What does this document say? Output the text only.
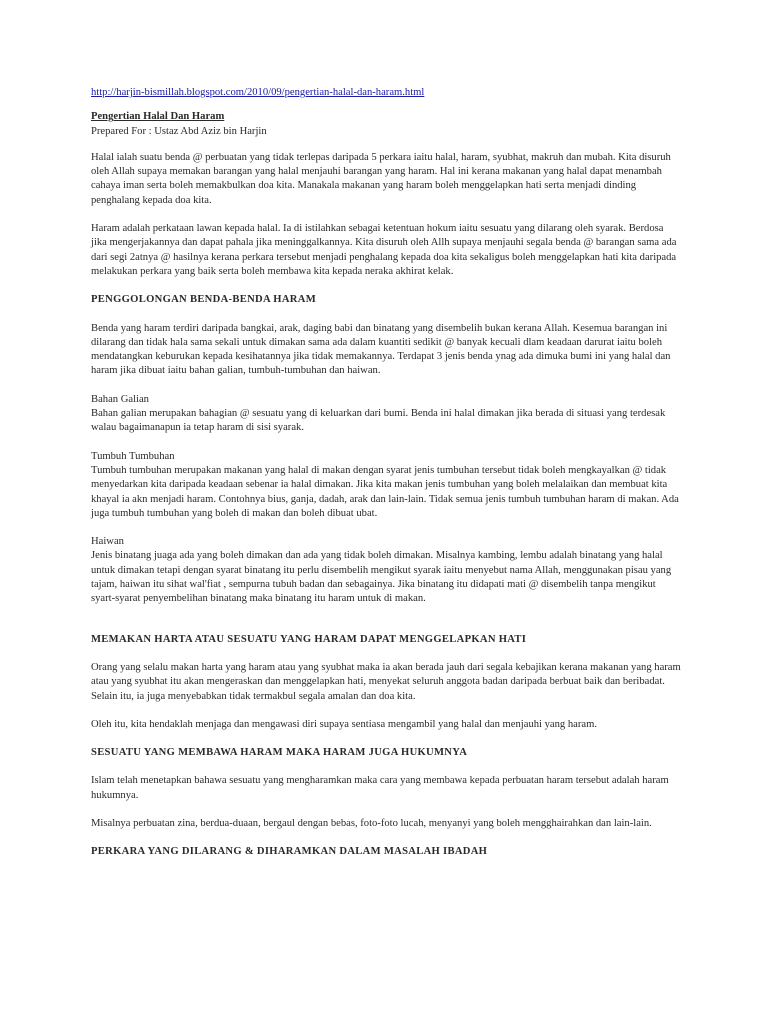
http://harjin-bismillah.blogspot.com/2010/09/pengertian-halal-dan-haram.html
Pengertian Halal Dan Haram
Prepared For : Ustaz Abd Aziz bin Harjin

Halal ialah suatu benda @ perbuatan yang tidak terlepas daripada 5 perkara iaitu halal, haram, syubhat, makruh dan mubah. Kita disuruh oleh Allah supaya memakan barangan yang halal menjauhi barangan yang haram. Hal ini kerana makanan yang halal dapat menambah cahaya iman serta boleh memakbulkan doa kita. Manakala makanan yang haram boleh menggelapkan hati serta menjadi dinding penghalang kepada doa kita.

Haram adalah perkataan lawan kepada halal. Ia di istilahkan sebagai ketentuan hokum iaitu sesuatu yang dilarang oleh syarak. Berdosa jika mengerjakannya dan dapat pahala jika meninggalkannya. Kita disuruh oleh Allh supaya menjauhi segala benda @ barangan sama ada dari segi 2atnya @ hasilnya kerana perkara tersebut menjadi penghalang kepada doa kita sekaligus boleh menggelapkan hati kita daripada melakukan perkara yang baik serta boleh membawa kita kepada neraka akhirat kelak.

PENGGOLONGAN BENDA-BENDA HARAM

Benda yang haram terdiri daripada bangkai, arak, daging babi dan binatang yang disembelih bukan kerana Allah. Kesemua barangan ini dilarang dan tidak hala sama sekali untuk dimakan sama ada dalam kuantiti sedikit @ banyak kecuali dlam keadaan darurat iaitu boleh mendatangkan keburukan kepada kesihatannya jika tidak memakannya. Terdapat 3 jenis benda ynag ada dimuka bumi ini yang halal dan haram jika dibuat iaitu bahan galian, tumbuh-tumbuhan dan haiwan.

Bahan Galian

Bahan galian merupakan bahagian @ sesuatu yang di keluarkan dari bumi. Benda ini halal dimakan jika berada di situasi yang terdesak walau bagaimanapun ia tetap haram di sisi syarak.

Tumbuh Tumbuhan

Tumbuh tumbuhan merupakan makanan yang halal di makan dengan syarat jenis tumbuhan tersebut tidak boleh mengkayalkan @ tidak menyedarkan kita daripada keadaan sebenar ia halal dimakan. Jika kita makan jenis tumbuhan yang boleh melalaikan dan membuat kita khayal ia akn menjadi haram. Contohnya bius, ganja, dadah, arak dan lain-lain. Tidak semua jenis tumbuh tumbuhan haram di makan. Ada juga tumbuh tumbuhan yang boleh di makan dan boleh dibuat ubat.

Haiwan

Jenis binatang juaga ada yang boleh dimakan dan ada yang tidak boleh dimakan. Misalnya kambing, lembu adalah binatang yang halal untuk dimakan tetapi dengan syarat binatang itu perlu disembelih mengikut syarak iaitu menyebut nama Allah, menggunakan pisau yang tajam, haiwan itu sihat wal'fiat , sempurna tubuh badan dan sebagainya. Jika binatang itu didapati mati @ disembelih tanpa mengikut syart-syarat penyembelihan binatang maka binatang itu haram untuk di makan.

MEMAKAN HARTA ATAU SESUATU YANG HARAM DAPAT MENGGELAPKAN HATI

Orang yang selalu makan harta yang haram atau yang syubhat maka ia akan berada jauh dari segala kebajikan kerana makanan yang haram atau yang syubhat itu akan mengeraskan dan menggelapkan hati, menyekat seluruh anggota badan daripada berbuat baik dan beribadat. Selain itu, ia juga menyebabkan tidak termakbul segala amalan dan doa kita.

Oleh itu, kita hendaklah menjaga dan mengawasi diri supaya sentiasa mengambil yang halal dan menjauhi yang haram.

SESUATU YANG MEMBAWA HARAM MAKA HARAM JUGA HUKUMNYA

Islam telah menetapkan bahawa sesuatu yang mengharamkan maka cara yang membawa kepada perbuatan haram tersebut adalah haram hukumnya.

Misalnya perbuatan zina, berdua-duaan, bergaul dengan bebas, foto-foto lucah, menyanyi yang boleh mengghairahkan dan lain-lain.

PERKARA YANG DILARANG & DIHARAMKAN DALAM MASALAH IBADAH
